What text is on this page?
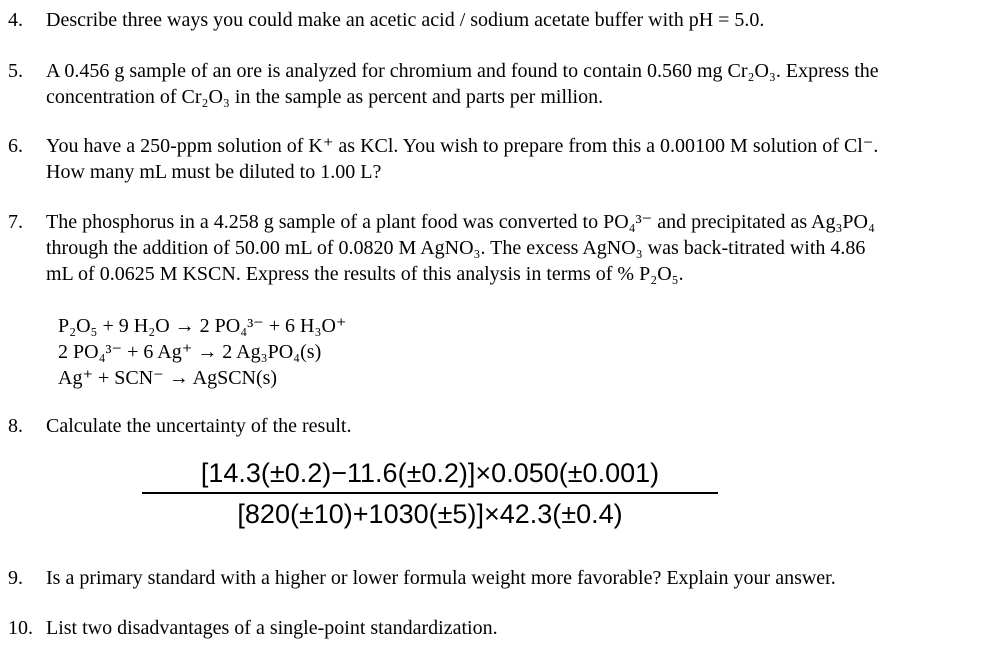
4. Describe three ways you could make an acetic acid / sodium acetate buffer with pH = 5.0.
5. A 0.456 g sample of an ore is analyzed for chromium and found to contain 0.560 mg Cr₂O₃. Express the
concentration of Cr₂O₃ in the sample as percent and parts per million.
6. You have a 250-ppm solution of K⁺ as KCl. You wish to prepare from this a 0.00100 M solution of Cl⁻.
How many mL must be diluted to 1.00 L?
7. The phosphorus in a 4.258 g sample of a plant food was converted to PO₄³⁻ and precipitated as Ag₃PO₄
through the addition of 50.00 mL of 0.0820 M AgNO₃. The excess AgNO₃ was back-titrated with 4.86
mL of 0.0625 M KSCN. Express the results of this analysis in terms of % P₂O₅.
P₂O₅ + 9 H₂O → 2 PO₄³⁻ + 6 H₃O⁺
2 PO₄³⁻ + 6 Ag⁺ → 2 Ag₃PO₄(s)
Ag⁺ + SCN⁻ → AgSCN(s)
8. Calculate the uncertainty of the result.
[14.3(±0.2)−11.6(±0.2)]×0.050(±0.001)
[820(±10)+1030(±5)]×42.3(±0.4)
9. Is a primary standard with a higher or lower formula weight more favorable? Explain your answer.
10. List two disadvantages of a single-point standardization.
